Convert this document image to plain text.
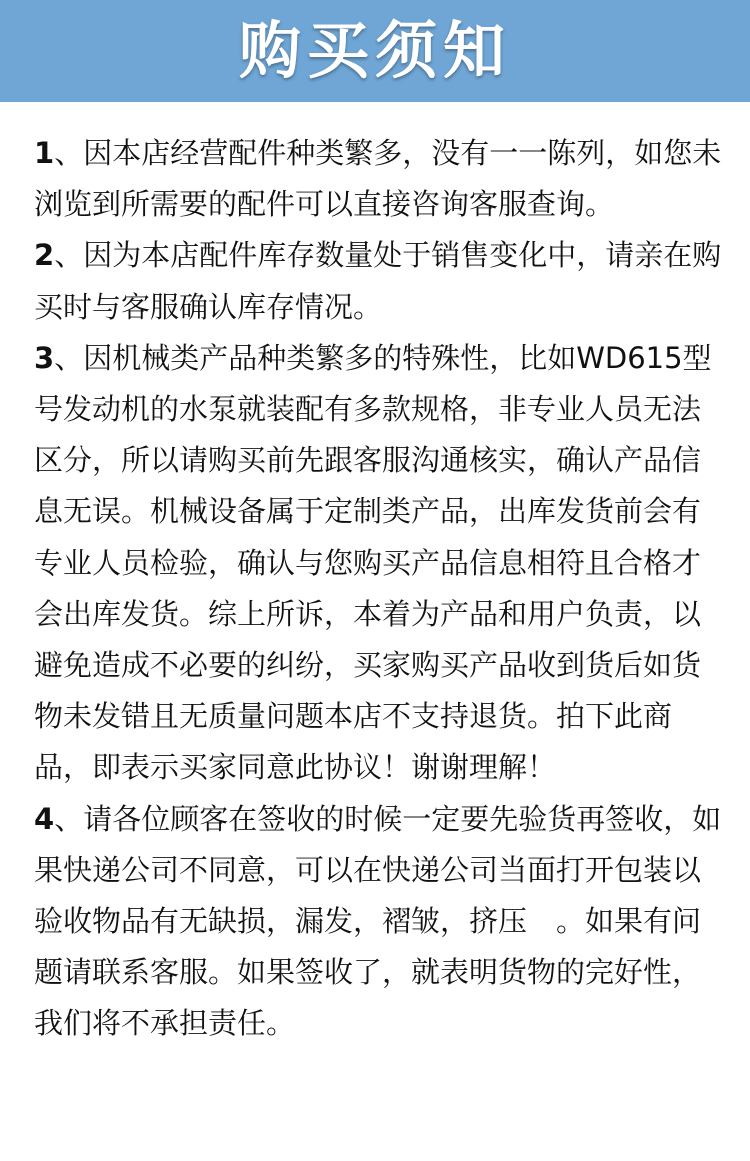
购买须知

1、因本店经营配件种类繁多，没有一一陈列，如您未浏览到所需要的配件可以直接咨询客服查询。

2、因为本店配件库存数量处于销售变化中，请亲在购买时与客服确认库存情况。

3、因机械类产品种类繁多的特殊性，比如WD615型号发动机的水泵就装配有多款规格，非专业人员无法区分，所以请购买前先跟客服沟通核实，确认产品信息无误。机械设备属于定制类产品，出库发货前会有专业人员检验，确认与您购买产品信息相符且合格才会出库发货。综上所诉，本着为产品和用户负责，以避免造成不必要的纠纷，买家购买产品收到货后如货物未发错且无质量问题本店不支持退货。拍下此商品，即表示买家同意此协议！谢谢理解！

4、请各位顾客在签收的时候一定要先验货再签收，如果快递公司不同意，可以在快递公司当面打开包装以验收物品有无缺损，漏发，褶皱，挤压　。如果有问题请联系客服。如果签收了，就表明货物的完好性，我们将不承担责任。
